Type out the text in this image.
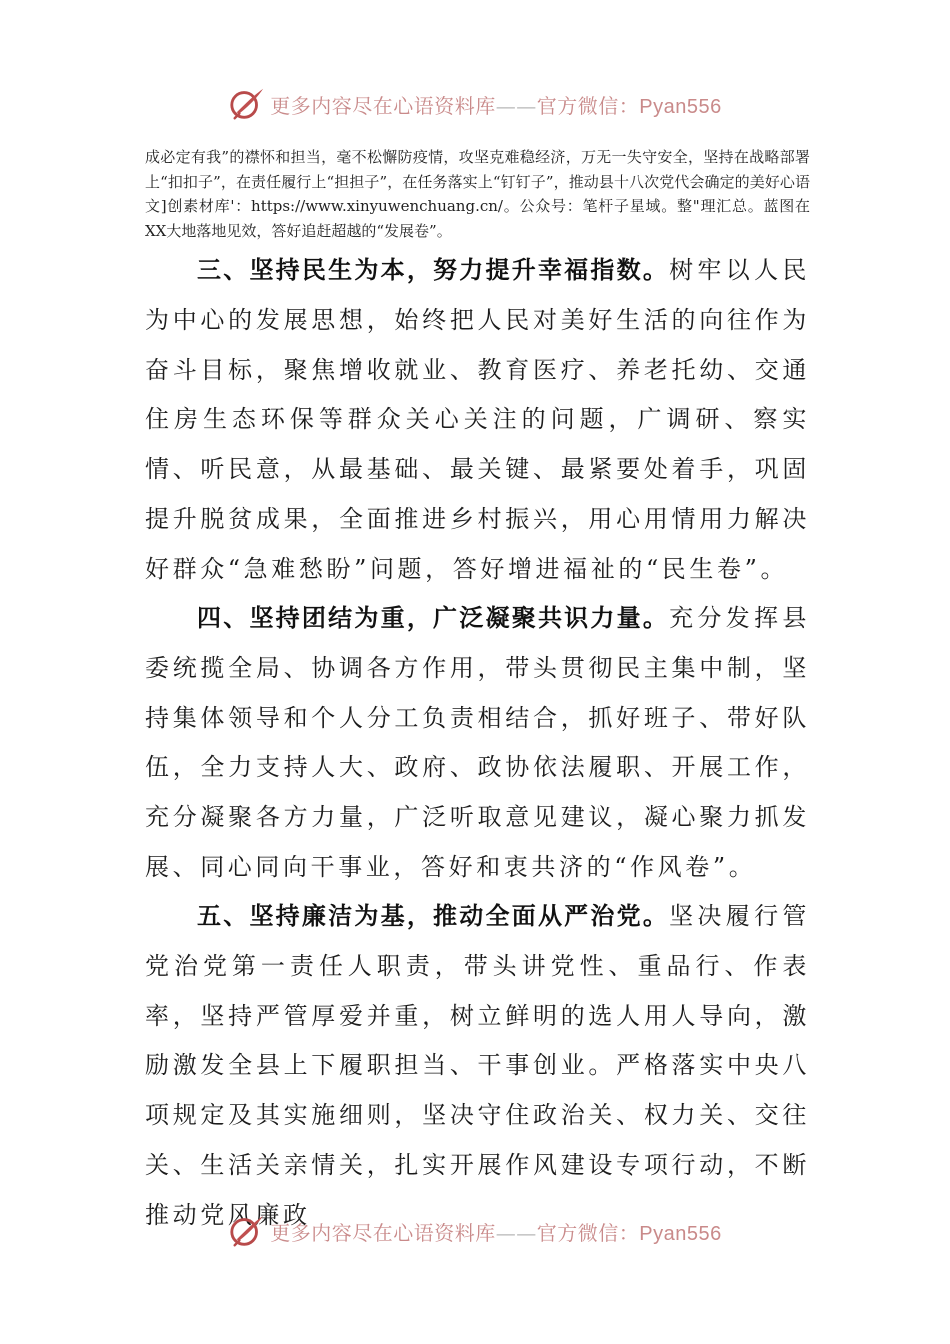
更多内容尽在心语资料库——官方微信：Pyan556
成必定有我”的襟怀和担当，毫不松懈防疫情，攻坚克难稳经济，万无一失守安全，坚持在战略部署上“扣扣子”，在责任履行上“担担子”，在任务落实上“钉钉子”，推动县十八次党代会确定的美好心语文]创素材库'：https://www.xinyuwenchuang.cn/。公众号：笔杆子星域。整"理汇总。蓝图在XX大地落地见效，答好追赶超越的“发展卷”。
三、坚持民生为本，努力提升幸福指数。树牢以人民为中心的发展思想，始终把人民对美好生活的向往作为奋斗目标，聚焦增收就业、教育医疗、养老托幼、交通住房生态环保等群众关心关注的问题，广调研、察实情、听民意，从最基础、最关键、最紧要处着手，巩固提升脱贫成果，全面推进乡村振兴，用心用情用力解决好群众“急难愁盼”问题，答好增进福祉的“民生卷”。
四、坚持团结为重，广泛凝聚共识力量。充分发挥县委统揽全局、协调各方作用，带头贯彻民主集中制，坚持集体领导和个人分工负责相结合，抓好班子、带好队伍，全力支持人大、政府、政协依法履职、开展工作，充分凝聚各方力量，广泛听取意见建议，凝心聚力抓发展、同心同向干事业，答好和衷共济的“作风卷”。
五、坚持廉洁为基，推动全面从严治党。坚决履行管党治党第一责任人职责，带头讲党性、重品行、作表率，坚持严管厚爱并重，树立鲜明的选人用人导向，激励激发全县上下履职担当、干事创业。严格落实中央八项规定及其实施细则，坚决守住政治关、权力关、交往关、生活关亲情关，扎实开展作风建设专项行动，不断推动党风廉政
更多内容尽在心语资料库——官方微信：Pyan556
